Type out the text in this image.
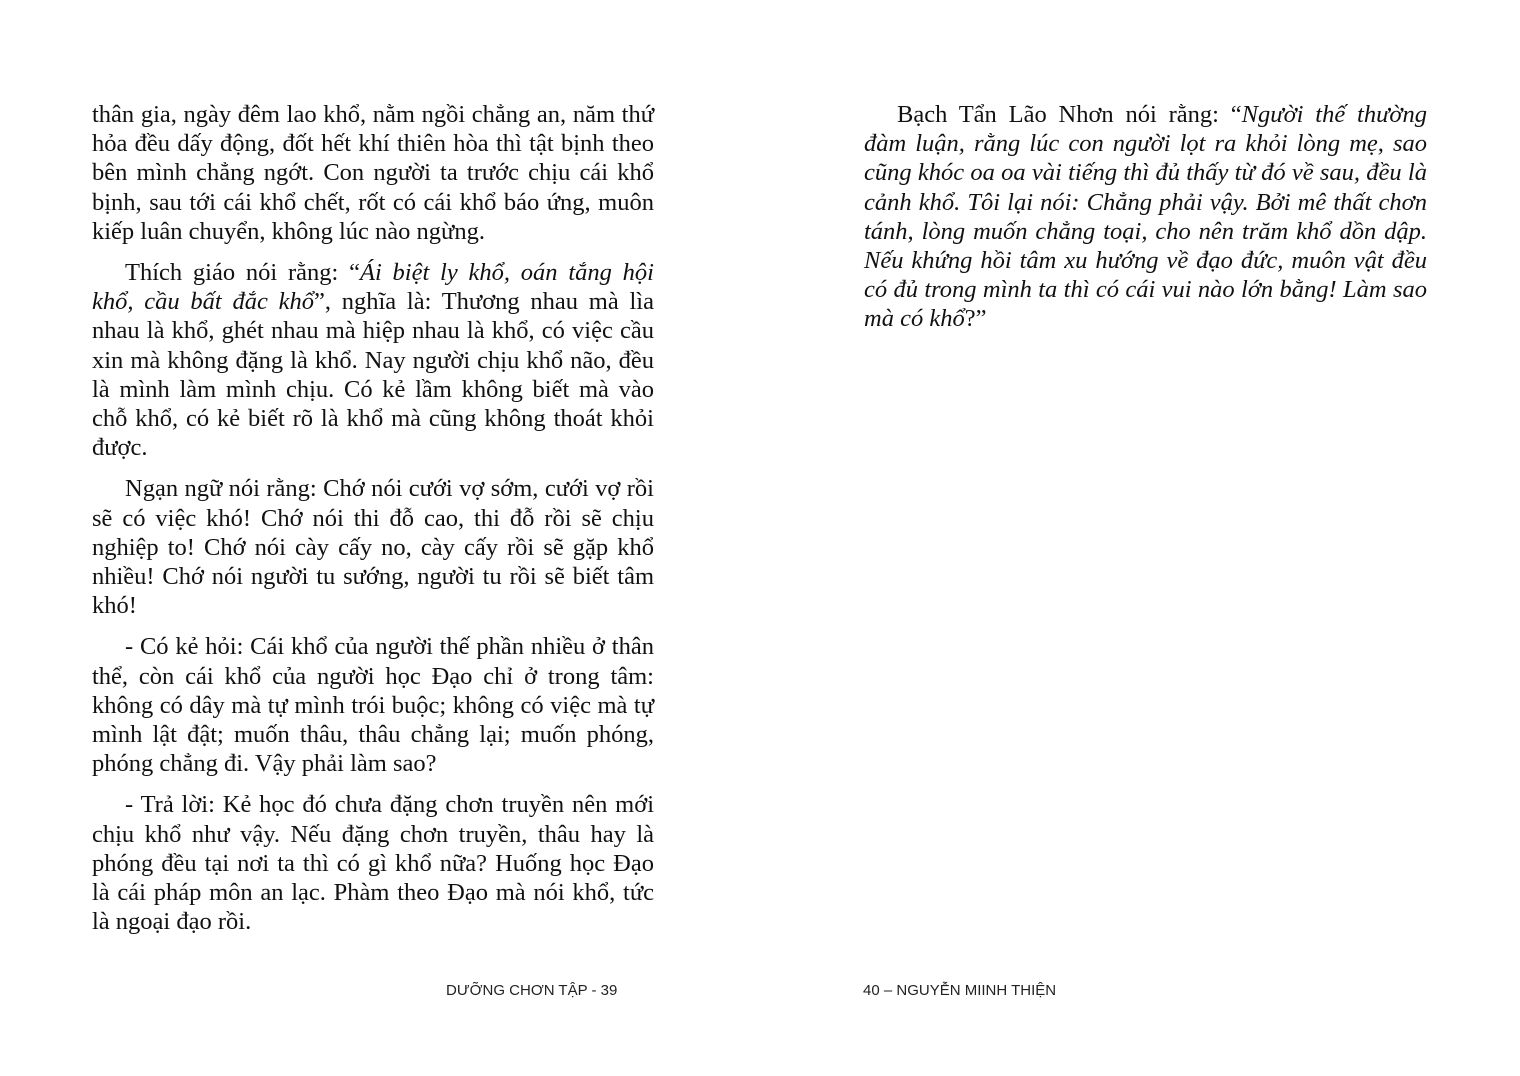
thân gia, ngày đêm lao khổ, nằm ngồi chẳng an, năm thứ hỏa đều dấy động, đốt hết khí thiên hòa thì tật bịnh theo bên mình chẳng ngớt. Con người ta trước chịu cái khổ bịnh, sau tới cái khổ chết, rốt có cái khổ báo ứng, muôn kiếp luân chuyển, không lúc nào ngừng.

Thích giáo nói rằng: “Ái biệt ly khổ, oán tắng hội khổ, cầu bất đắc khổ”, nghĩa là: Thương nhau mà lìa nhau là khổ, ghét nhau mà hiệp nhau là khổ, có việc cầu xin mà không đặng là khổ. Nay người chịu khổ não, đều là mình làm mình chịu. Có kẻ lầm không biết mà vào chỗ khổ, có kẻ biết rõ là khổ mà cũng không thoát khỏi được.

Ngạn ngữ nói rằng: Chớ nói cưới vợ sớm, cưới vợ rồi sẽ có việc khó! Chớ nói thi đỗ cao, thi đỗ rồi sẽ chịu nghiệp to! Chớ nói cày cấy no, cày cấy rồi sẽ gặp khổ nhiều! Chớ nói người tu sướng, người tu rồi sẽ biết tâm khó!

- Có kẻ hỏi: Cái khổ của người thế phần nhiều ở thân thể, còn cái khổ của người học Đạo chỉ ở trong tâm: không có dây mà tự mình trói buộc; không có việc mà tự mình lật đật; muốn thâu, thâu chẳng lại; muốn phóng, phóng chẳng đi. Vậy phải làm sao?

- Trả lời: Kẻ học đó chưa đặng chơn truyền nên mới chịu khổ như vậy. Nếu đặng chơn truyền, thâu hay là phóng đều tại nơi ta thì có gì khổ nữa? Huống học Đạo là cái pháp môn an lạc. Phàm theo Đạo mà nói khổ, tức là ngoại đạo rồi.

Bạch Tẩn Lão Nhơn nói rằng: “Người thế thường đàm luận, rằng lúc con người lọt ra khỏi lòng mẹ, sao cũng khóc oa oa vài tiếng thì đủ thấy từ đó về sau, đều là cảnh khổ. Tôi lại nói: Chẳng phải vậy. Bởi mê thất chơn tánh, lòng muốn chẳng toại, cho nên trăm khổ dồn dập. Nếu khứng hồi tâm xu hướng về đạo đức, muôn vật đều có đủ trong mình ta thì có cái vui nào lớn bằng! Làm sao mà có khổ?”

DƯỠNG CHƠN TẬP - 39	40 – NGUYỄN MIINH THIỆN
